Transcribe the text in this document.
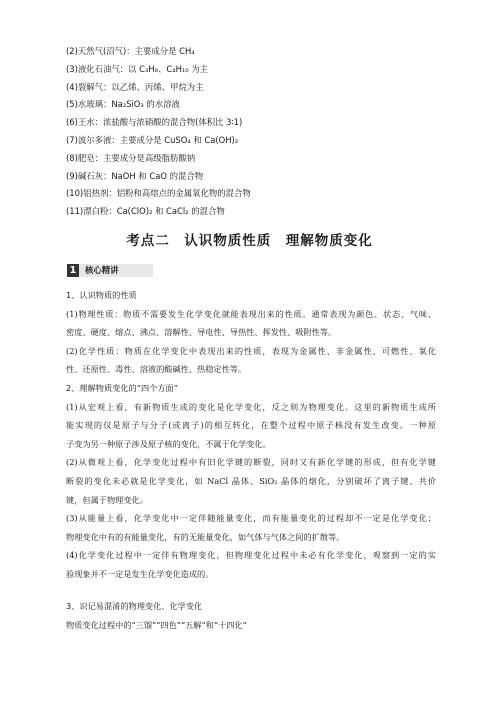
(2)天然气(沼气)：主要成分是 CH₄
(3)液化石油气：以 C₃H₈、C₄H₁₀ 为主
(4)裂解气：以乙烯、丙烯、甲烷为主
(5)水玻璃：Na₂SiO₃ 的水溶液
(6)王水：浓盐酸与浓硝酸的混合物(体积比 3∶1)
(7)波尔多液：主要成分是 CuSO₄ 和 Ca(OH)₂
(8)肥皂：主要成分是高级脂肪酸钠
(9)碱石灰：NaOH 和 CaO 的混合物
(10)铝热剂：铝粉和高熔点的金属氧化物的混合物
(11)漂白粉：Ca(ClO)₂ 和 CaCl₂ 的混合物
考点二　认识物质性质　理解物质变化
1	核心精讲
1、认识物质的性质
(1)物理性质：物质不需要发生化学变化就能表现出来的性质。通常表现为颜色、状态、气味、
密度、硬度、熔点、沸点、溶解性、导电性、导热性、挥发性、吸附性等。
(2)化学性质：物质在化学变化中表现出来的性质，表现为金属性、非金属性、可燃性、氧化
性、还原性、毒性、溶液的酸碱性、热稳定性等。
2、理解物质变化的“四个方面”
(1)从宏观上看，有新物质生成的变化是化学变化，反之则为物理变化。这里的新物质生成所
能实现的仅是原子与分子(或离子)的相互转化，在整个过程中原子核没有发生改变。一种原
子变为另一种原子涉及原子核的变化，不属于化学变化。
(2)从微观上看，化学变化过程中有旧化学键的断裂，同时又有新化学键的形成，但有化学键
断裂的变化未必就是化学变化，如 NaCl 晶体、SiO₂ 晶体的熔化，分别破坏了离子键、共价
键，但属于物理变化。
(3)从能量上看，化学变化中一定伴随能量变化，而有能量变化的过程却不一定是化学变化；
物理变化中有的有能量变化，有的无能量变化，如气体与气体之间的扩散等。
(4)化学变化过程中一定伴有物理变化，但物理变化过程中未必有化学变化，观察到一定的实
验现象并不一定是发生化学变化造成的。
3、识记易混淆的物理变化、化学变化
物质变化过程中的“三馏”“四色”“五解”和“十四化”
